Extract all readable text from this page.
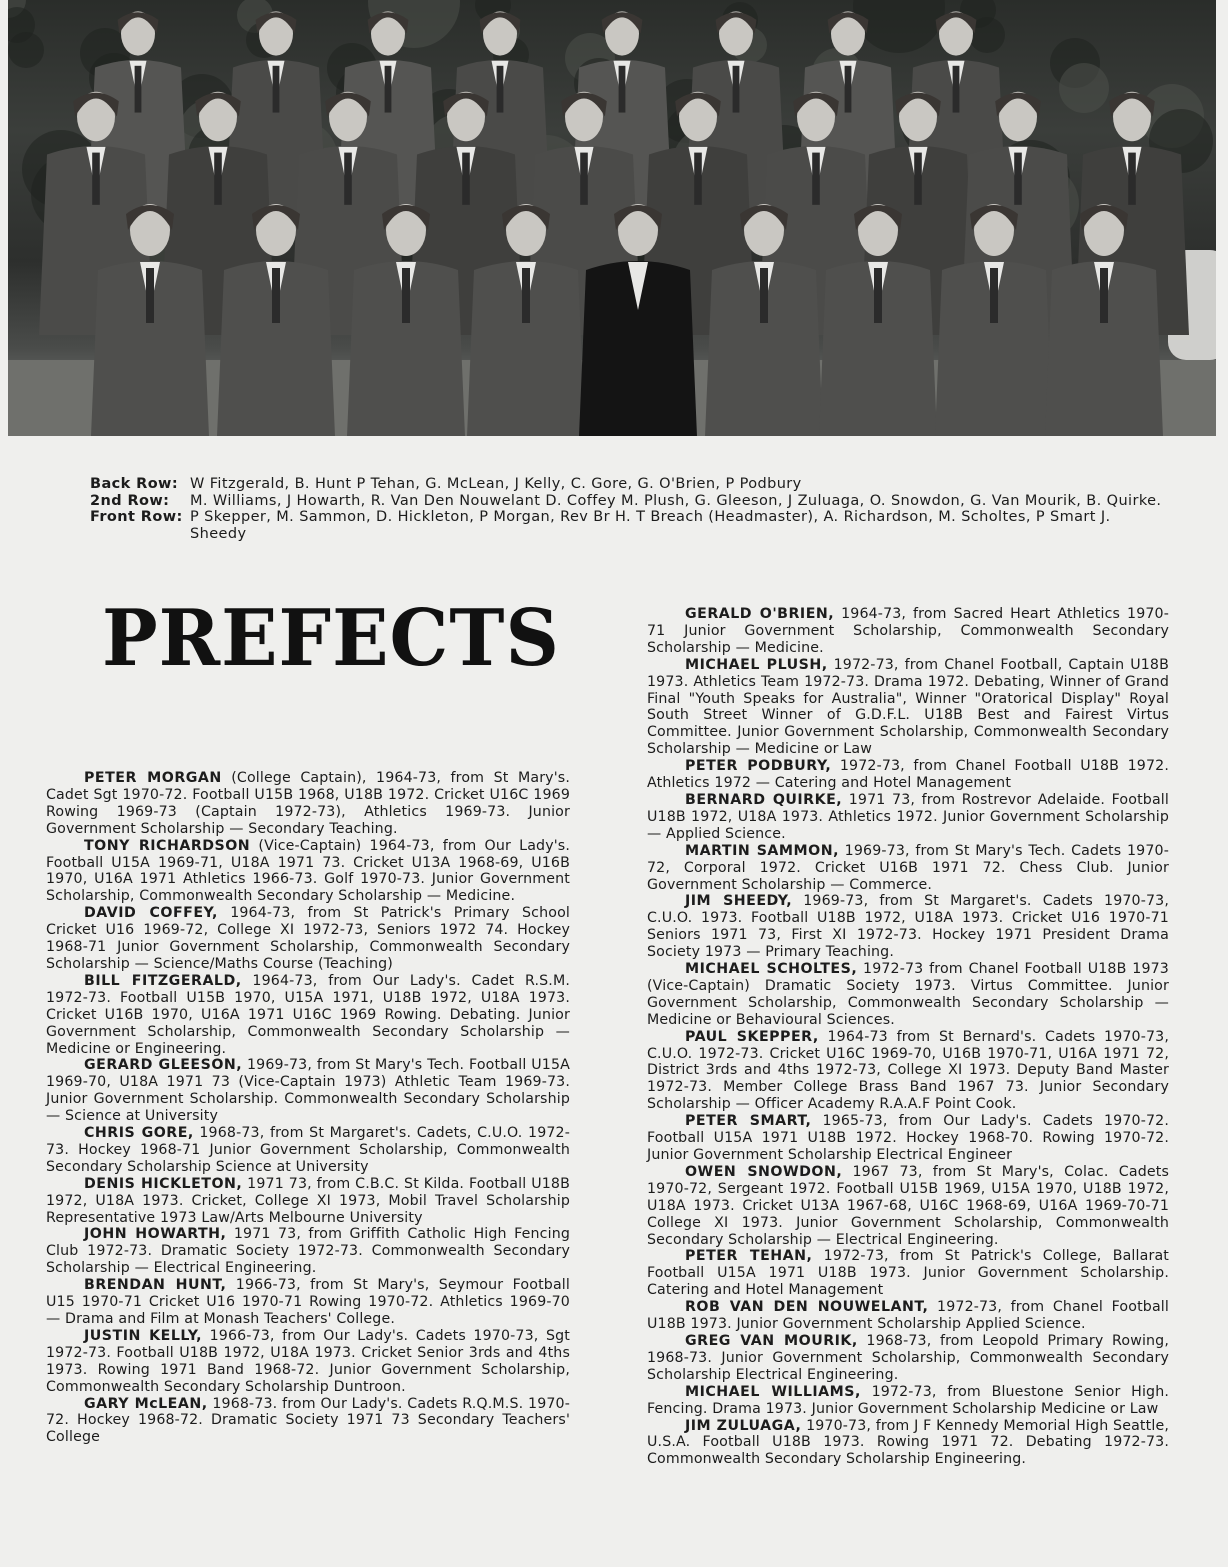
Back Row: W Fitzgerald, B. Hunt P Tehan, G. McLean, J Kelly, C. Gore, G. O'Brien, P Podbury
2nd Row:	M. Williams, J Howarth, R. Van Den Nouwelant D. Coffey M. Plush, G. Gleeson, J Zuluaga, O. Snowdon, G. Van Mourik, B. Quirke.
Front Row: P Skepper, M. Sammon, D. Hickleton, P Morgan, Rev Br H. T Breach (Headmaster), A. Richardson, M. Scholtes, P Smart J. Sheedy
PREFECTS

PETER MORGAN (College Captain), 1964-73, from St Mary's. Cadet Sgt 1970-72. Football U15B 1968, U18B 1972. Cricket U16C 1969 Rowing 1969-73 (Captain 1972-73), Athletics 1969-73. Junior Government Scholarship — Secondary Teaching.

TONY RICHARDSON (Vice-Captain) 1964-73, from Our Lady's. Football U15A 1969-71, U18A 1971 73. Cricket U13A 1968-69, U16B 1970, U16A 1971 Athletics 1966-73. Golf 1970-73. Junior Government Scholarship, Commonwealth Secondary Scholarship — Medicine.

DAVID COFFEY, 1964-73, from St Patrick's Primary School Cricket U16 1969-72, College XI 1972-73, Seniors 1972 74. Hockey 1968-71 Junior Government Scholarship, Commonwealth Secondary Scholarship — Science/Maths Course (Teaching)

BILL FITZGERALD, 1964-73, from Our Lady's. Cadet R.S.M. 1972-73. Football U15B 1970, U15A 1971, U18B 1972, U18A 1973. Cricket U16B 1970, U16A 1971 U16C 1969 Rowing. Debating. Junior Government Scholarship, Commonwealth Secondary Scholarship — Medicine or Engineering.

GERARD GLEESON, 1969-73, from St Mary's Tech. Football U15A 1969-70, U18A 1971 73 (Vice-Captain 1973) Athletic Team 1969-73. Junior Government Scholarship. Commonwealth Secondary Scholarship — Science at University

CHRIS GORE, 1968-73, from St Margaret's. Cadets, C.U.O. 1972-73. Hockey 1968-71 Junior Government Scholarship, Commonwealth Secondary Scholarship Science at University

DENIS HICKLETON, 1971 73, from C.B.C. St Kilda. Football U18B 1972, U18A 1973. Cricket, College XI 1973, Mobil Travel Scholarship Representative 1973 Law/Arts Melbourne University

JOHN HOWARTH, 1971 73, from Griffith Catholic High Fencing Club 1972-73. Dramatic Society 1972-73. Commonwealth Secondary Scholarship — Electrical Engineering.

BRENDAN HUNT, 1966-73, from St Mary's, Seymour Football U15 1970-71 Cricket U16 1970-71 Rowing 1970-72. Athletics 1969-70 — Drama and Film at Monash Teachers' College.

JUSTIN KELLY, 1966-73, from Our Lady's. Cadets 1970-73, Sgt 1972-73. Football U18B 1972, U18A 1973. Cricket Senior 3rds and 4ths 1973. Rowing 1971 Band 1968-72. Junior Government Scholarship, Commonwealth Secondary Scholarship Duntroon.

GARY McLEAN, 1968-73. from Our Lady's. Cadets R.Q.M.S. 1970-72. Hockey 1968-72. Dramatic Society 1971 73 Secondary Teachers' College

GERALD O'BRIEN, 1964-73, from Sacred Heart Athletics 1970-71 Junior Government Scholarship, Commonwealth Secondary Scholarship — Medicine.

MICHAEL PLUSH, 1972-73, from Chanel Football, Captain U18B 1973. Athletics Team 1972-73. Drama 1972. Debating, Winner of Grand Final "Youth Speaks for Australia", Winner "Oratorical Display" Royal South Street Winner of G.D.F.L. U18B Best and Fairest Virtus Committee. Junior Government Scholarship, Commonwealth Secondary Scholarship — Medicine or Law

PETER PODBURY, 1972-73, from Chanel Football U18B 1972. Athletics 1972 — Catering and Hotel Management

BERNARD QUIRKE, 1971 73, from Rostrevor Adelaide. Football U18B 1972, U18A 1973. Athletics 1972. Junior Government Scholarship — Applied Science.

MARTIN SAMMON, 1969-73, from St Mary's Tech. Cadets 1970-72, Corporal 1972. Cricket U16B 1971 72. Chess Club. Junior Government Scholarship — Commerce.

JIM SHEEDY, 1969-73, from St Margaret's. Cadets 1970-73, C.U.O. 1973. Football U18B 1972, U18A 1973. Cricket U16 1970-71 Seniors 1971 73, First XI 1972-73. Hockey 1971 President Drama Society 1973 — Primary Teaching.

MICHAEL SCHOLTES, 1972-73 from Chanel Football U18B 1973 (Vice-Captain) Dramatic Society 1973. Virtus Committee. Junior Government Scholarship, Commonwealth Secondary Scholarship — Medicine or Behavioural Sciences.

PAUL SKEPPER, 1964-73 from St Bernard's. Cadets 1970-73, C.U.O. 1972-73. Cricket U16C 1969-70, U16B 1970-71, U16A 1971 72, District 3rds and 4ths 1972-73, College XI 1973. Deputy Band Master 1972-73. Member College Brass Band 1967 73. Junior Secondary Scholarship — Officer Academy R.A.A.F Point Cook.

PETER SMART, 1965-73, from Our Lady's. Cadets 1970-72. Football U15A 1971 U18B 1972. Hockey 1968-70. Rowing 1970-72. Junior Government Scholarship Electrical Engineer

OWEN SNOWDON, 1967 73, from St Mary's, Colac. Cadets 1970-72, Sergeant 1972. Football U15B 1969, U15A 1970, U18B 1972, U18A 1973. Cricket U13A 1967-68, U16C 1968-69, U16A 1969-70-71 College XI 1973. Junior Government Scholarship, Commonwealth Secondary Scholarship — Electrical Engineering.

PETER TEHAN, 1972-73, from St Patrick's College, Ballarat Football U15A 1971 U18B 1973. Junior Government Scholarship. Catering and Hotel Management

ROB VAN DEN NOUWELANT, 1972-73, from Chanel Football U18B 1973. Junior Government Scholarship Applied Science.

GREG VAN MOURIK, 1968-73, from Leopold Primary Rowing, 1968-73. Junior Government Scholarship, Commonwealth Secondary Scholarship Electrical Engineering.

MICHAEL WILLIAMS, 1972-73, from Bluestone Senior High. Fencing. Drama 1973. Junior Government Scholarship Medicine or Law

JIM ZULUAGA, 1970-73, from J F Kennedy Memorial High Seattle, U.S.A. Football U18B 1973. Rowing 1971 72. Debating 1972-73. Commonwealth Secondary Scholarship Engineering.
